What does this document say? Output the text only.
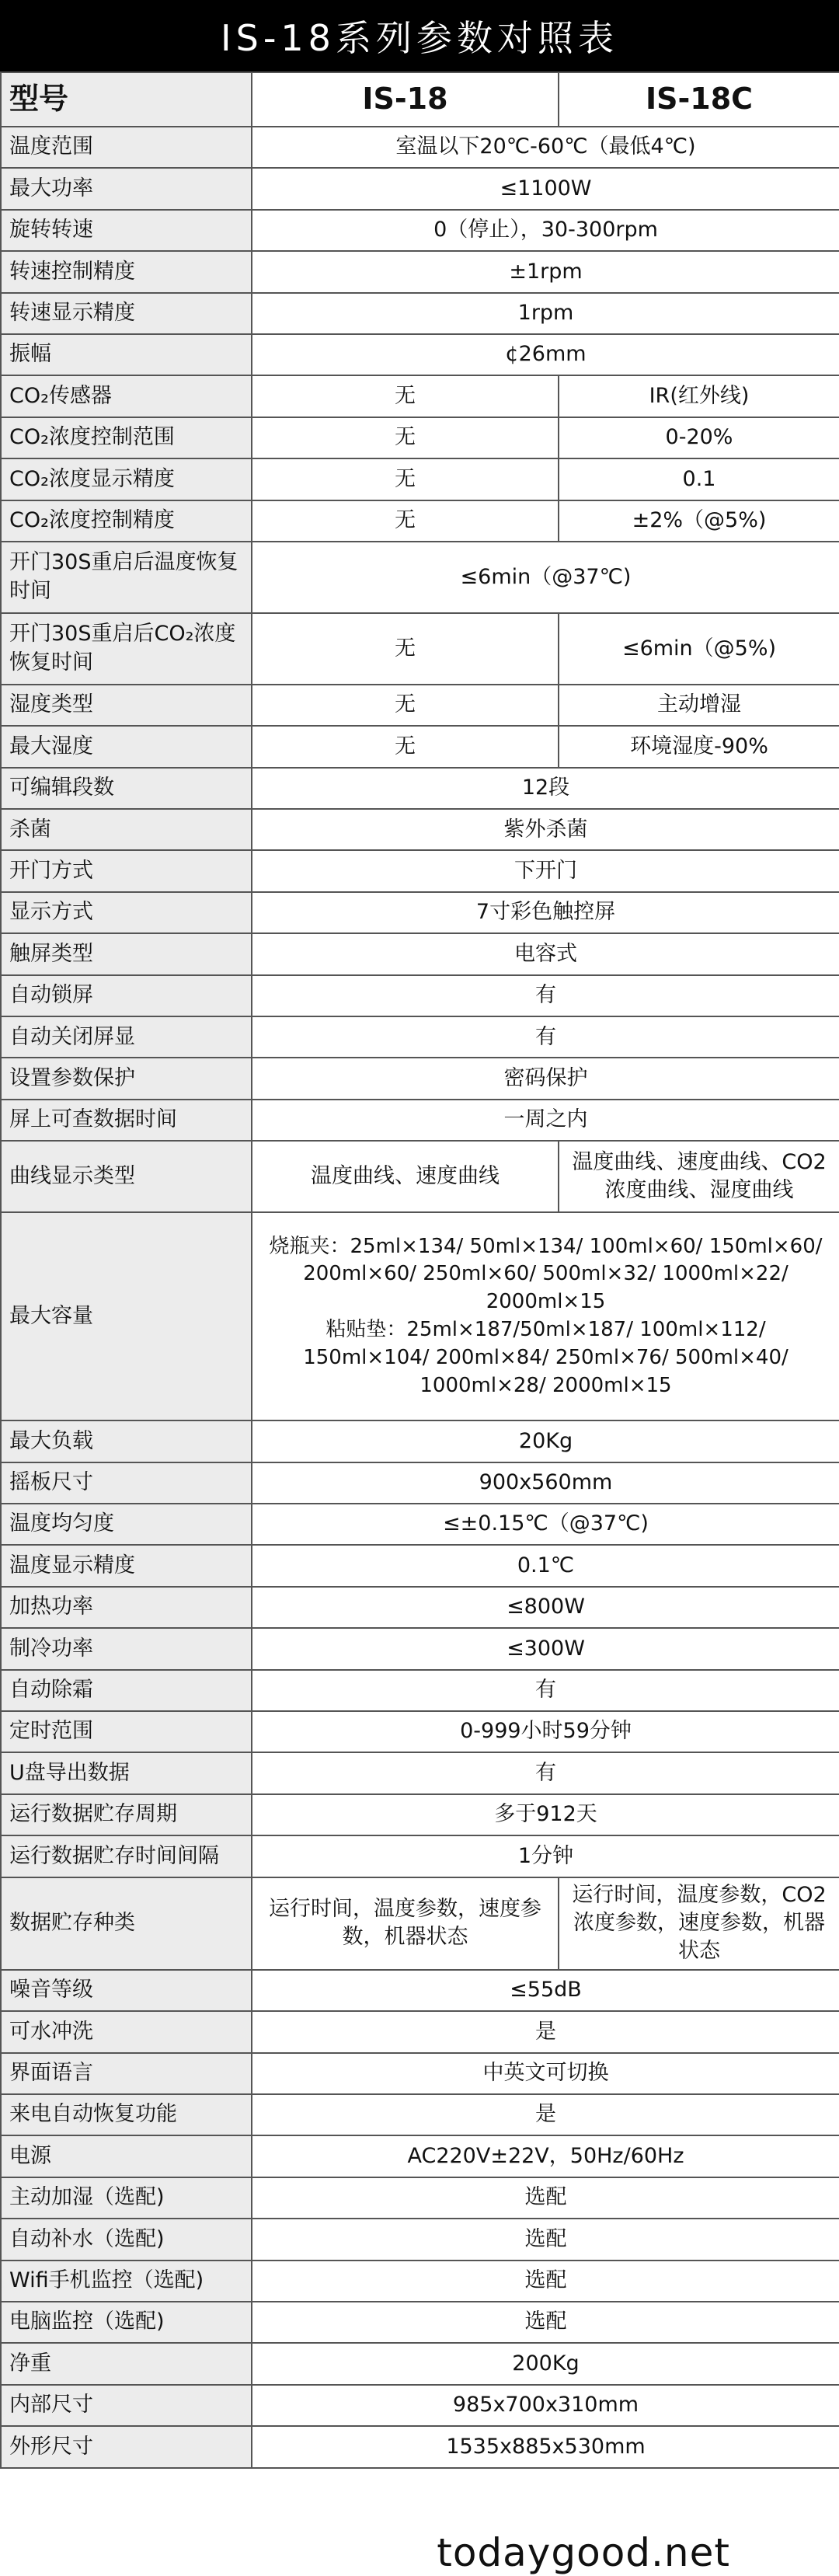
IS-18系列参数对照表
型号	IS-18	IS-18C
温度范围	室温以下20℃-60℃（最低4℃)	
最大功率	≤1100W	
旋转转速	0（停止），30-300rpm	
转速控制精度	±1rpm	
转速显示精度	1rpm	
振幅	¢26mm	
CO₂传感器	无	IR(红外线)
CO₂浓度控制范围	无	0-20%
CO₂浓度显示精度	无	0.1
CO₂浓度控制精度	无	±2%（@5%)
开门30S重启后温度恢复时间	≤6min（@37℃)	
开门30S重启后CO₂浓度恢复时间	无	≤6min（@5%)
湿度类型	无	主动增湿
最大湿度	无	环境湿度-90%
可编辑段数	12段	
杀菌	紫外杀菌	
开门方式	下开门	
显示方式	7寸彩色触控屏	
触屏类型	电容式	
自动锁屏	有	
自动关闭屏显	有	
设置参数保护	密码保护	
屏上可查数据时间	一周之内	
曲线显示类型	温度曲线、速度曲线	温度曲线、速度曲线、CO2浓度曲线、湿度曲线
最大容量	烧瓶夹：25ml×134/ 50ml×134/ 100ml×60/ 150ml×60/ 200ml×60/ 250ml×60/ 500ml×32/ 1000ml×22/ 2000ml×15
粘贴垫：25ml×187/50ml×187/ 100ml×112/ 150ml×104/ 200ml×84/ 250ml×76/ 500ml×40/ 1000ml×28/ 2000ml×15	
最大负载	20Kg	
摇板尺寸	900x560mm	
温度均匀度	≤±0.15℃（@37℃)	
温度显示精度	0.1℃	
加热功率	≤800W	
制冷功率	≤300W	
自动除霜	有	
定时范围	0-999小时59分钟	
U盘导出数据	有	
运行数据贮存周期	多于912天	
运行数据贮存时间间隔	1分钟	
数据贮存种类	运行时间，温度参数，速度参数，机器状态	运行时间，温度参数，CO2浓度参数，速度参数，机器状态
噪音等级	≤55dB	
可水冲洗	是	
界面语言	中英文可切换	
来电自动恢复功能	是	
电源	AC220V±22V，50Hz/60Hz	
主动加湿（选配)	选配	
自动补水（选配)	选配	
Wifi手机监控（选配)	选配	
电脑监控（选配)	选配	
净重	200Kg	
内部尺寸	985x700x310mm	
外形尺寸	1535x885x530mm	
todaygood.net
